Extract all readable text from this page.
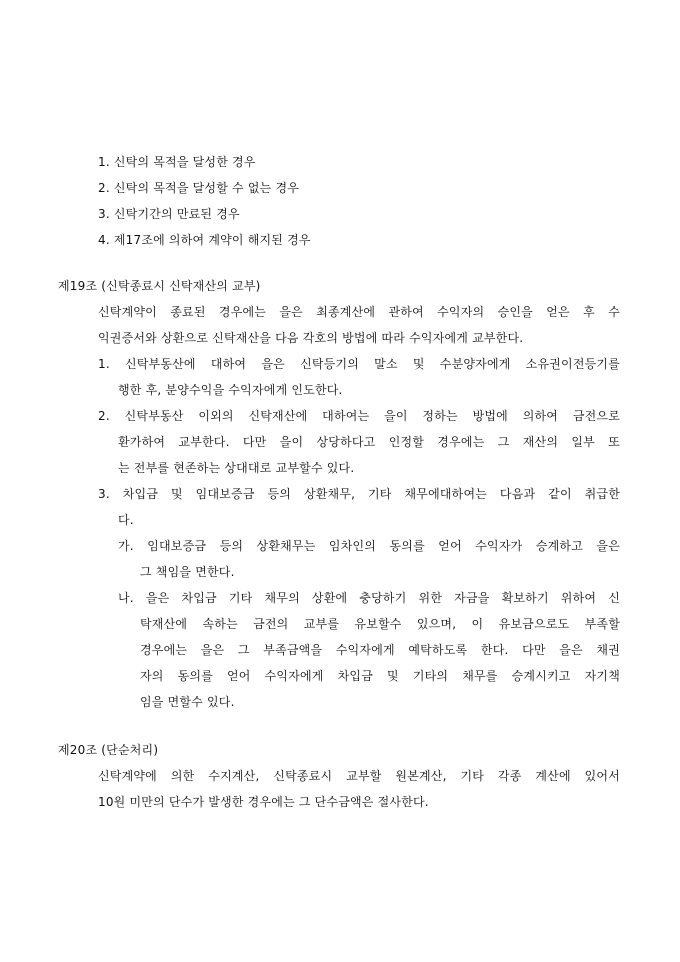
1. 신탁의 목적을 달성한 경우
2. 신탁의 목적을 달성할 수 없는 경우
3. 신탁기간의 만료된 경우
4. 제17조에 의하여 계약이 해지된 경우
제19조 (신탁종료시 신탁재산의 교부)
신탁계약이 종료된 경우에는 을은 최종계산에 관하여 수익자의 승인을 얻은 후 수
익권증서와 상환으로 신탁재산을 다음 각호의 방법에 따라 수익자에게 교부한다.
1. 신탁부동산에 대하여 을은 신탁등기의 말소 및 수분양자에게 소유권이전등기를
행한 후, 분양수익을 수익자에게 인도한다.
2. 신탁부동산 이외의 신탁재산에 대하여는 을이 정하는 방법에 의하여 금전으로
환가하여 교부한다. 다만 을이 상당하다고 인정할 경우에는 그 재산의 일부 또
는 전부를 현존하는 상대대로 교부할수 있다.
3. 차입금 및 임대보증금 등의 상환채무, 기타 채무에대하여는 다음과 같이 취급한
다.
가. 임대보증금 등의 상환채무는 임차인의 동의를 얻어 수익자가 승계하고 을은
그 책임을 면한다.
나. 을은 차입금 기타 채무의 상환에 충당하기 위한 자금을 확보하기 위하여 신
탁재산에 속하는 금전의 교부를 유보할수 있으며, 이 유보금으로도 부족할
경우에는 을은 그 부족금액을 수익자에게 예탁하도록 한다. 다만 을은 채권
자의 동의를 얻어 수익자에게 차입금 및 기타의 채무를 승계시키고 자기책
임을 면할수 있다.
제20조 (단순처리)
신탁계약에 의한 수지계산, 신탁종료시 교부할 원본계산, 기타 각종 계산에 있어서
10원 미만의 단수가 발생한 경우에는 그 단수금액은 절사한다.
